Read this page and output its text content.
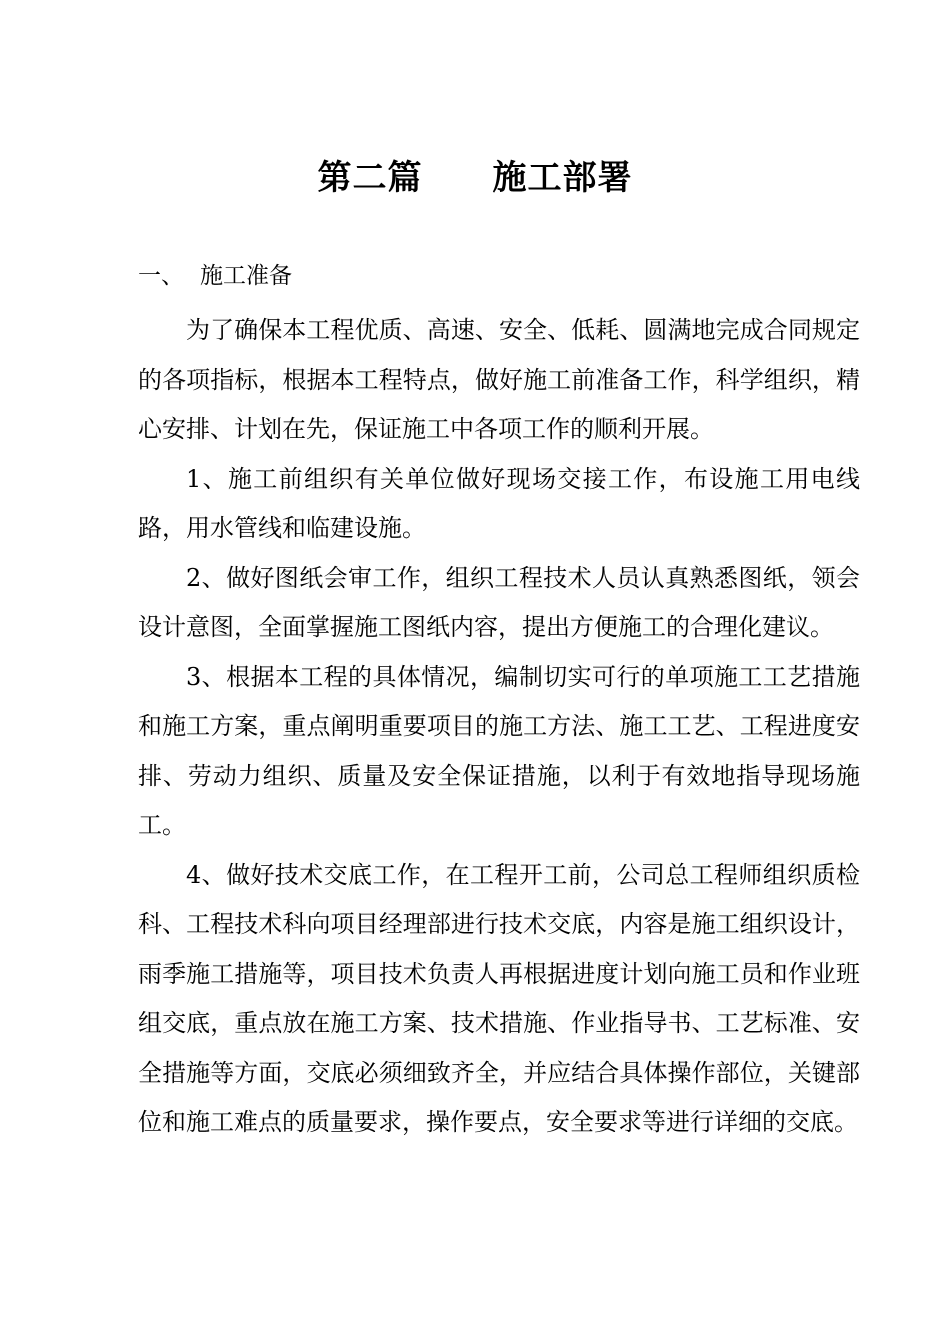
第二篇　　施工部署
一、 施工准备

为了确保本工程优质、高速、安全、低耗、圆满地完成合同规定的各项指标，根据本工程特点，做好施工前准备工作，科学组织，精心安排、计划在先，保证施工中各项工作的顺利开展。

1、施工前组织有关单位做好现场交接工作，布设施工用电线路，用水管线和临建设施。

2、做好图纸会审工作，组织工程技术人员认真熟悉图纸，领会设计意图，全面掌握施工图纸内容，提出方便施工的合理化建议。

3、根据本工程的具体情况，编制切实可行的单项施工工艺措施和施工方案，重点阐明重要项目的施工方法、施工工艺、工程进度安排、劳动力组织、质量及安全保证措施，以利于有效地指导现场施工。

4、做好技术交底工作，在工程开工前，公司总工程师组织质检科、工程技术科向项目经理部进行技术交底，内容是施工组织设计，雨季施工措施等，项目技术负责人再根据进度计划向施工员和作业班组交底，重点放在施工方案、技术措施、作业指导书、工艺标准、安全措施等方面，交底必须细致齐全，并应结合具体操作部位，关键部位和施工难点的质量要求，操作要点，安全要求等进行详细的交底。
